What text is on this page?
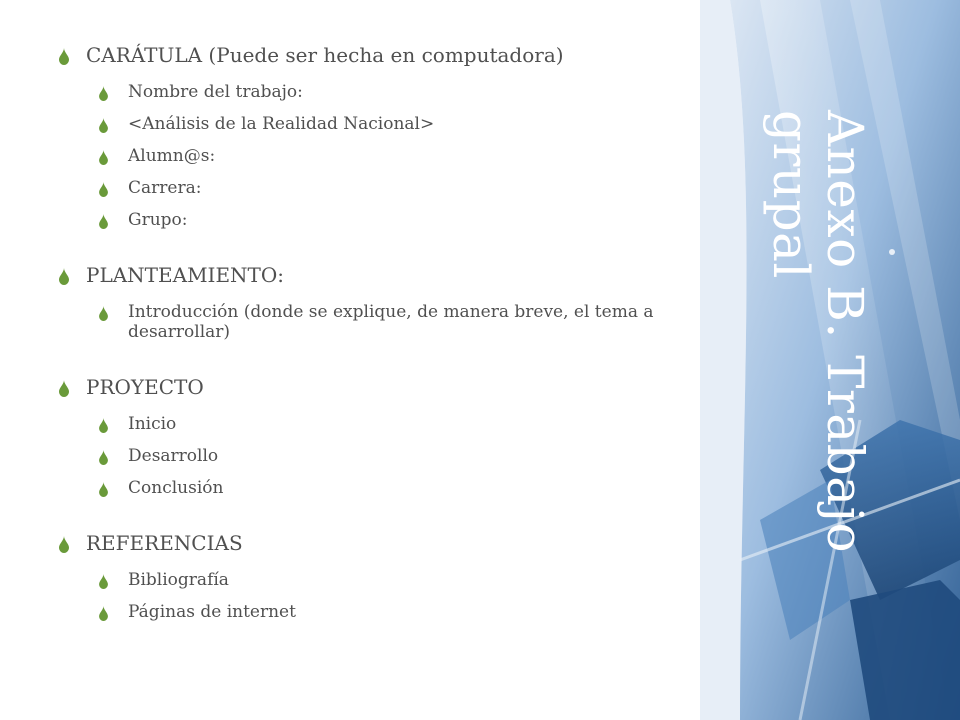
Anexo B. Trabajo grupal
CARÁTULA (Puede ser hecha en computadora)
Nombre del trabajo:
<Análisis de la Realidad Nacional>
Alumn@s:
Carrera:
Grupo:
PLANTEAMIENTO:
Introducción (donde se explique, de manera breve, el tema a desarrollar)
PROYECTO
Inicio
Desarrollo
Conclusión
REFERENCIAS
Bibliografía
Páginas de internet
